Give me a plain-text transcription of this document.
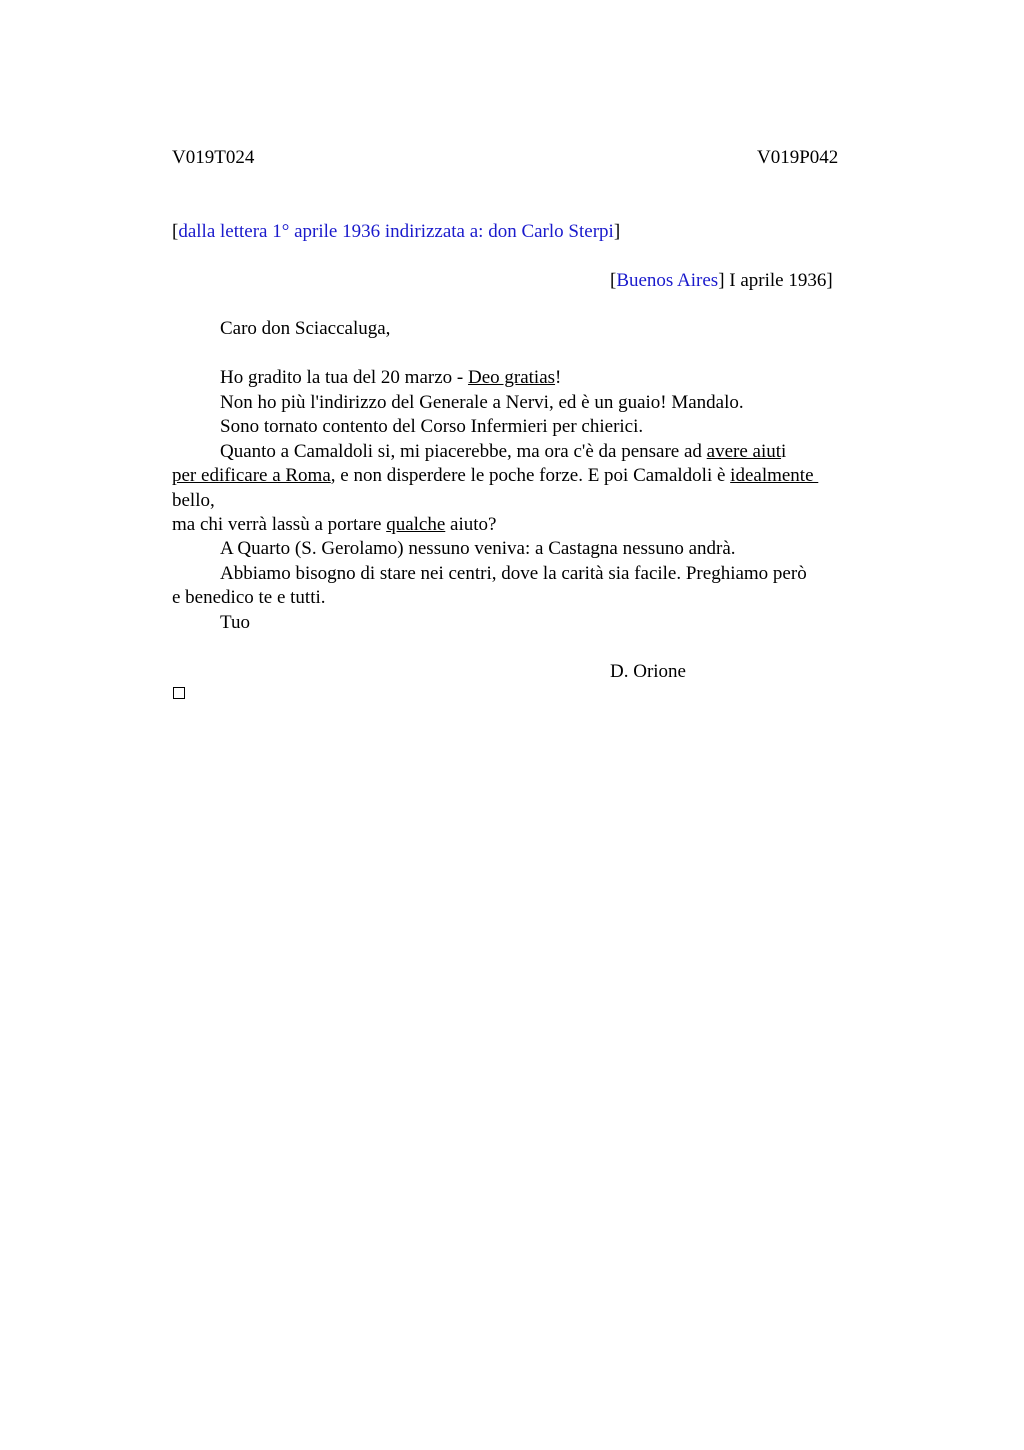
V019T024	V019P042
[dalla lettera 1° aprile 1936 indirizzata a: don Carlo Sterpi]
[Buenos Aires] I aprile 1936]
Caro don Sciaccaluga,
Ho gradito la tua del 20 marzo - Deo gratias!
Non ho più l'indirizzo del Generale a Nervi, ed è un guaio! Mandalo.
Sono tornato contento del Corso Infermieri per chierici.
Quanto a Camaldoli si, mi piacerebbe, ma ora c'è da pensare ad avere aiuti
per edificare a Roma, e non disperdere le poche forze. E poi Camaldoli è idealmente
bello,
ma chi verrà lassù a portare qualche aiuto?
A Quarto (S. Gerolamo) nessuno veniva: a Castagna nessuno andrà.
Abbiamo bisogno di stare nei centri, dove la carità sia facile. Preghiamo però
e benedico te e tutti.
Tuo
D. Orione
